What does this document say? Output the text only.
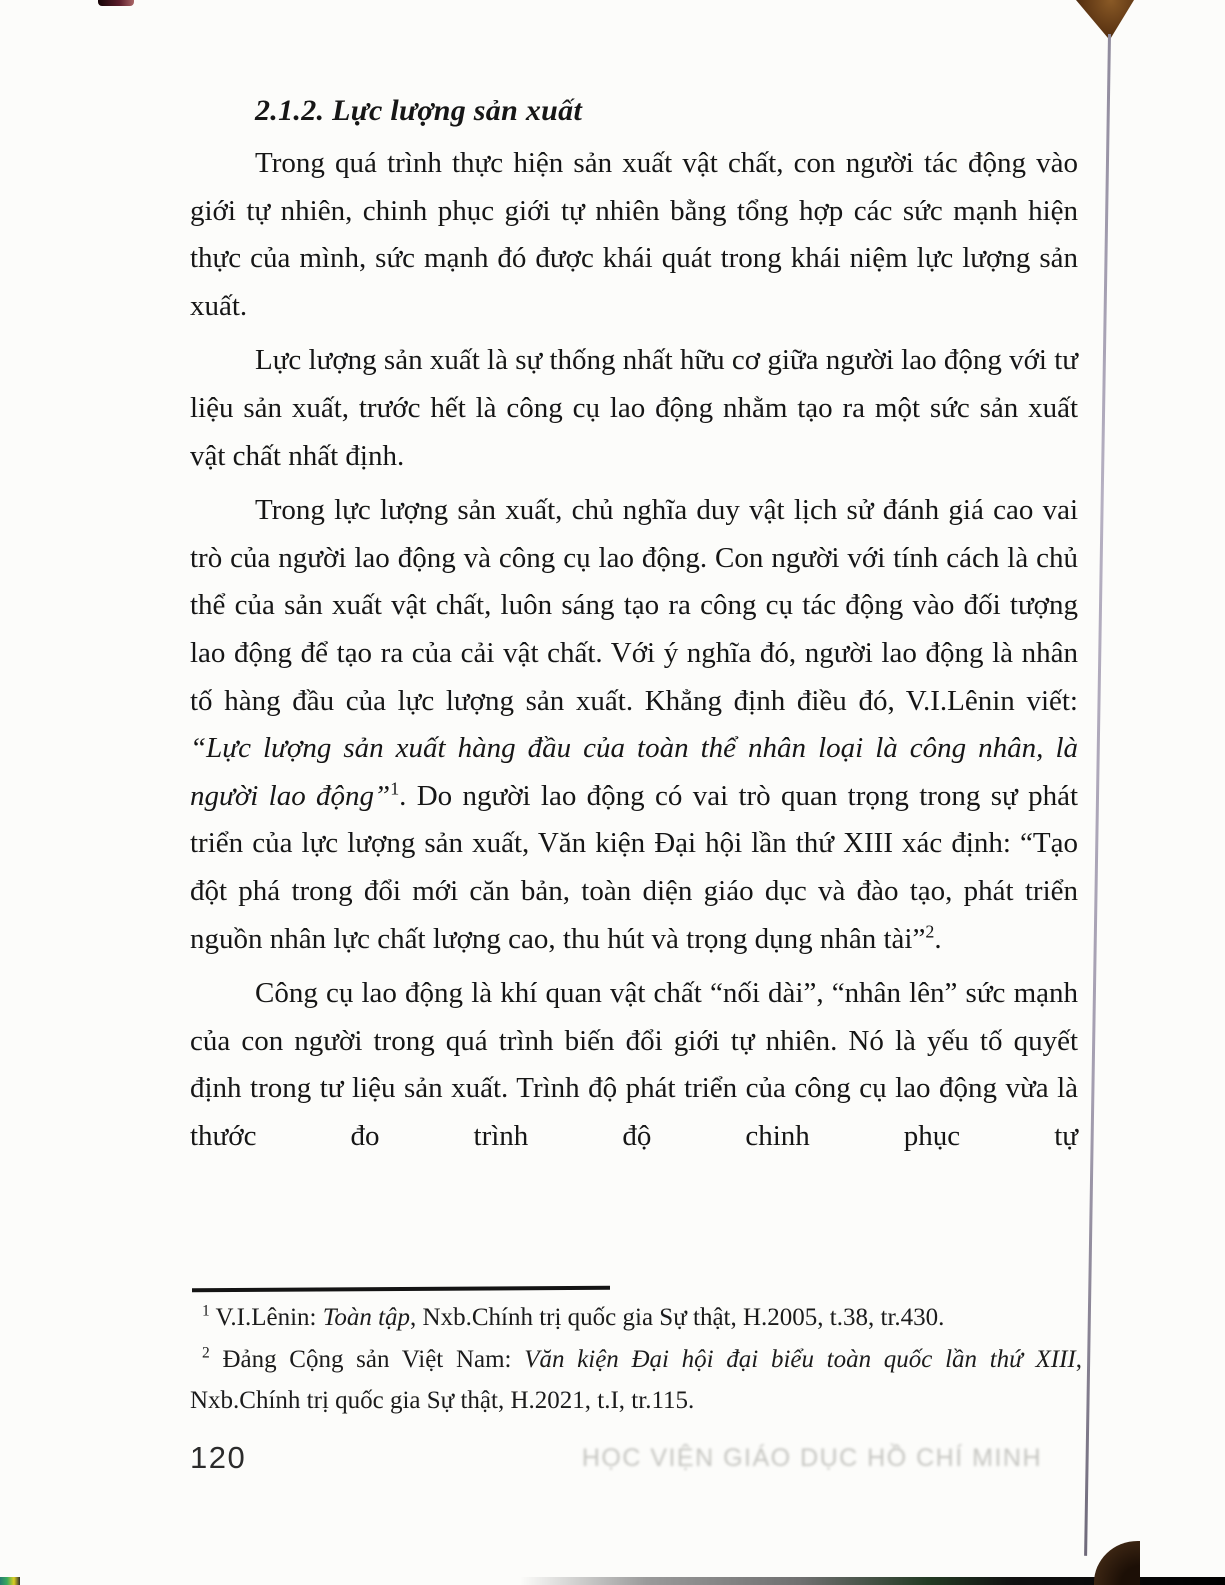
2.1.2. Lực lượng sản xuất

Trong quá trình thực hiện sản xuất vật chất, con người tác động vào giới tự nhiên, chinh phục giới tự nhiên bằng tổng hợp các sức mạnh hiện thực của mình, sức mạnh đó được khái quát trong khái niệm lực lượng sản xuất.

Lực lượng sản xuất là sự thống nhất hữu cơ giữa người lao động với tư liệu sản xuất, trước hết là công cụ lao động nhằm tạo ra một sức sản xuất vật chất nhất định.

Trong lực lượng sản xuất, chủ nghĩa duy vật lịch sử đánh giá cao vai trò của người lao động và công cụ lao động. Con người với tính cách là chủ thể của sản xuất vật chất, luôn sáng tạo ra công cụ tác động vào đối tượng lao động để tạo ra của cải vật chất. Với ý nghĩa đó, người lao động là nhân tố hàng đầu của lực lượng sản xuất. Khẳng định điều đó, V.I.Lênin viết: “Lực lượng sản xuất hàng đầu của toàn thể nhân loại là công nhân, là người lao động”$^1$. Do người lao động có vai trò quan trọng trong sự phát triển của lực lượng sản xuất, Văn kiện Đại hội lần thứ XIII xác định: “Tạo đột phá trong đổi mới căn bản, toàn diện giáo dục và đào tạo, phát triển nguồn nhân lực chất lượng cao, thu hút và trọng dụng nhân tài”$^2$.

Công cụ lao động là khí quan vật chất “nối dài”, “nhân lên” sức mạnh của con người trong quá trình biến đổi giới tự nhiên. Nó là yếu tố quyết định trong tư liệu sản xuất. Trình độ phát triển của công cụ lao động vừa là thước đo trình độ chinh phục tự

$^1$ V.I.Lênin: Toàn tập, Nxb.Chính trị quốc gia Sự thật, H.2005, t.38, tr.430.

$^2$ Đảng Cộng sản Việt Nam: Văn kiện Đại hội đại biểu toàn quốc lần thứ XIII, Nxb.Chính trị quốc gia Sự thật, H.2021, t.I, tr.115.

120	HỌC VIỆN GIÁO DỤC HỒ CHÍ MINH
